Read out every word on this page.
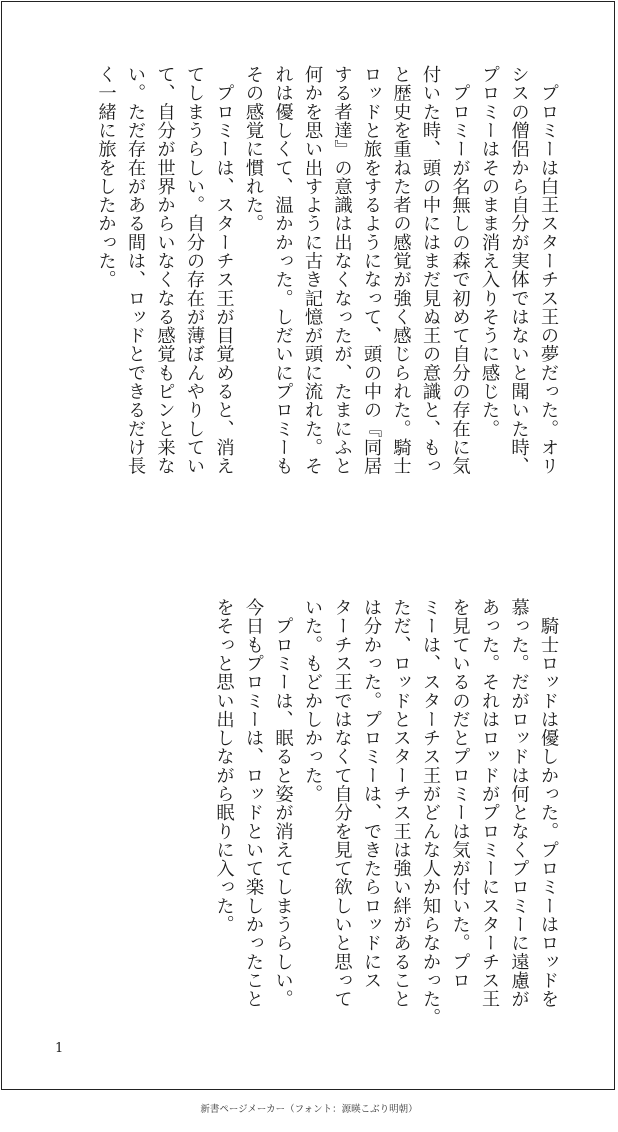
　プロミーは白王スターチス王の夢だった。オリ

シスの僧侶から自分が実体ではないと聞いた時、

プロミーはそのまま消え入りそうに感じた。

　プロミーが名無しの森で初めて自分の存在に気

付いた時、頭の中にはまだ見ぬ王の意識と、もっ

と歴史を重ねた者の感覚が強く感じられた。騎士

ロッドと旅をするようになって、頭の中の『同居

する者達』の意識は出なくなったが、たまにふと

何かを思い出すように古き記憶が頭に流れた。そ

れは優しくて、温かかった。しだいにプロミーも

その感覚に慣れた。

　プロミーは、スターチス王が目覚めると、消え

てしまうらしい。自分の存在が薄ぼんやりしてい

て、自分が世界からいなくなる感覚もピンと来な

い。ただ存在がある間は、ロッドとできるだけ長

く一緒に旅をしたかった。

　騎士ロッドは優しかった。プロミーはロッドを

慕った。だがロッドは何となくプロミーに遠慮が

あった。それはロッドがプロミーにスターチス王

を見ているのだとプロミーは気が付いた。プロ

ミーは、スターチス王がどんな人か知らなかった。

ただ、ロッドとスターチス王は強い絆があること

は分かった。プロミーは、できたらロッドにス

ターチス王ではなくて自分を見て欲しいと思って

いた。もどかしかった。

　プロミーは、眠ると姿が消えてしまうらしい。

今日もプロミーは、ロッドといて楽しかったこと

をそっと思い出しながら眠りに入った。

1
新書ページメーカー（フォント：源暎こぶり明朝）
